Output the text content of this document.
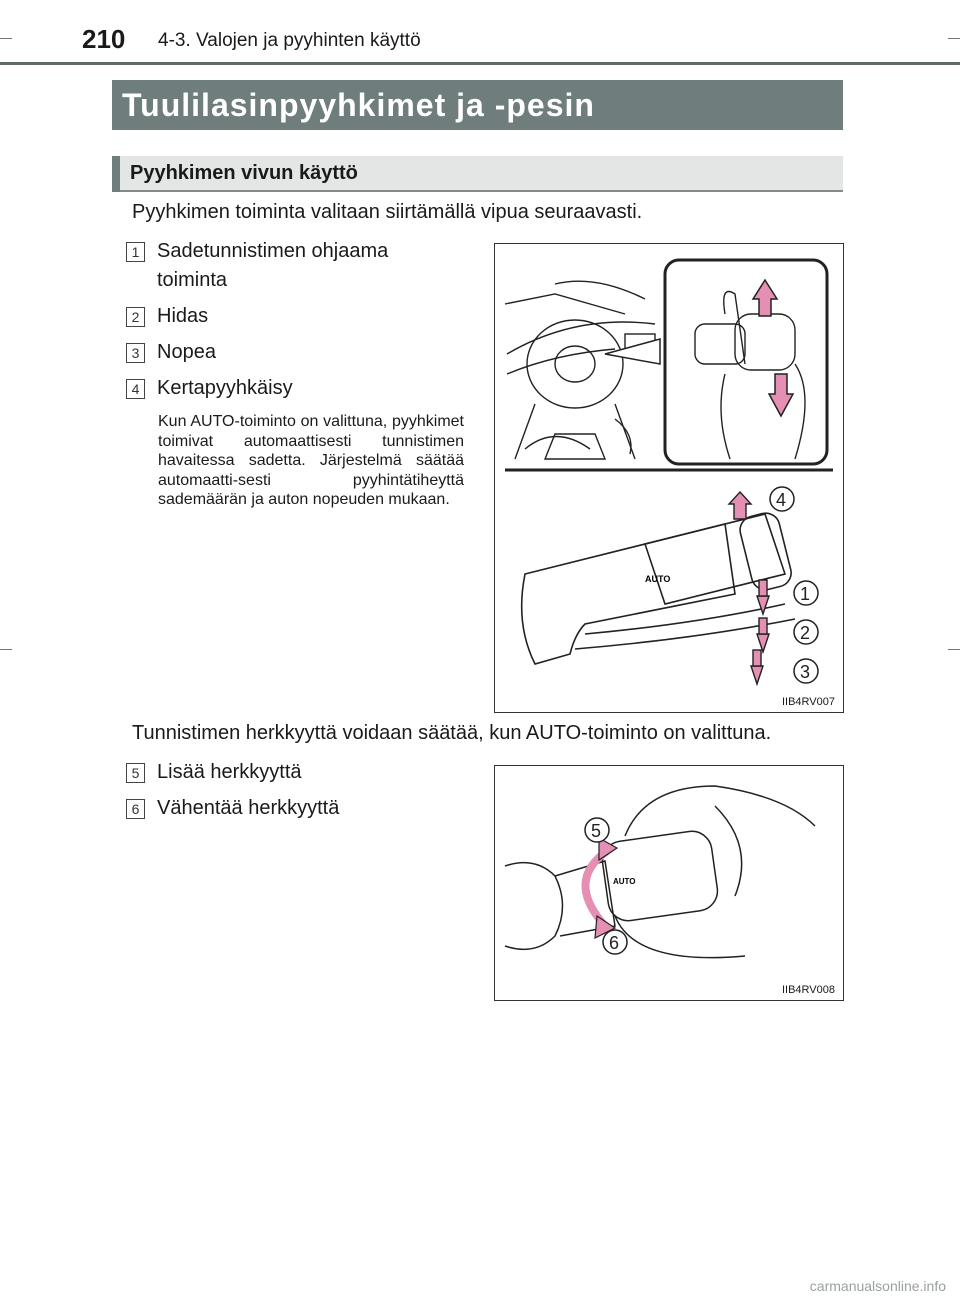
210 4-3. Valojen ja pyyhinten käyttö
Tuulilasinpyyhkimet ja -pesin
Pyyhkimen vivun käyttö
Pyyhkimen toiminta valitaan siirtämällä vipua seuraavasti.
1 Sadetunnistimen ohjaama
toiminta
2 Hidas
3 Nopea
4 Kertapyyhkäisy
Kun AUTO-toiminto on valittuna, pyyhkimet toimivat automaattisesti tunnistimen havaitessa sadetta. Järjestelmä säätää automaatti-sesti pyyhintätiheyttä sademäärän ja auton nopeuden mukaan.
AUTO
4
1
2
3
IIB4RV007
Tunnistimen herkkyyttä voidaan säätää, kun AUTO-toiminto on valittuna.
5 Lisää herkkyyttä
6 Vähentää herkkyyttä
AUTO
5
6
IIB4RV008
carmanualsonline.info
